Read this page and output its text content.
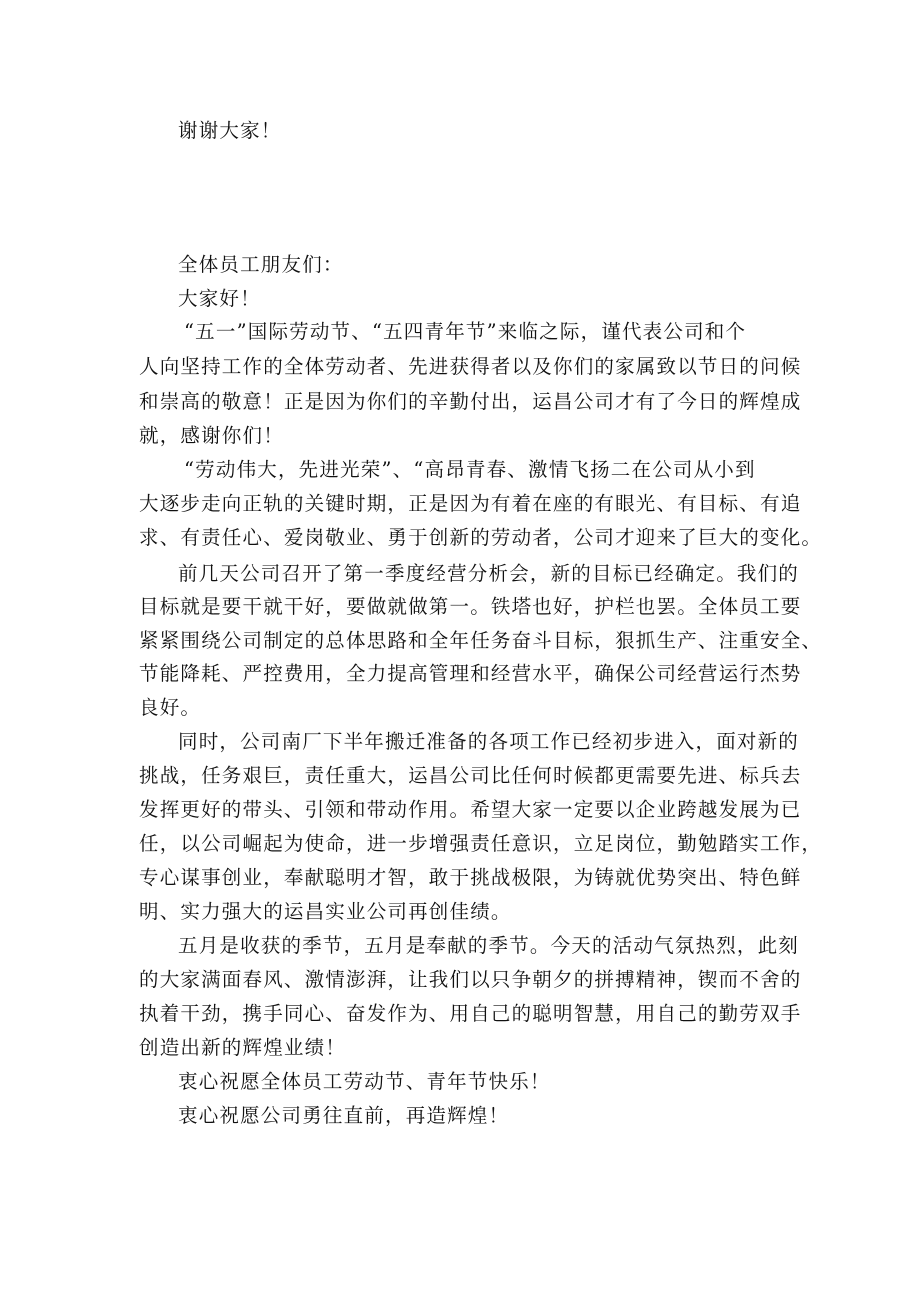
谢谢大家！

全体员工朋友们：

大家好！

“五一”国际劳动节、“五四青年节”来临之际，谨代表公司和个

人向坚持工作的全体劳动者、先进获得者以及你们的家属致以节日的问候

和崇高的敬意！正是因为你们的辛勤付出，运昌公司才有了今日的辉煌成

就，感谢你们！

“劳动伟大，先进光荣”、“高昂青春、激情飞扬二在公司从小到

大逐步走向正轨的关键时期，正是因为有着在座的有眼光、有目标、有追

求、有责任心、爱岗敬业、勇于创新的劳动者，公司才迎来了巨大的变化。

前几天公司召开了第一季度经营分析会，新的目标已经确定。我们的

目标就是要干就干好，要做就做第一。铁塔也好，护栏也罢。全体员工要

紧紧围绕公司制定的总体思路和全年任务奋斗目标，狠抓生产、注重安全、

节能降耗、严控费用，全力提高管理和经营水平，确保公司经营运行杰势

良好。

同时，公司南厂下半年搬迁准备的各项工作已经初步进入，面对新的

挑战，任务艰巨，责任重大，运昌公司比任何时候都更需要先进、标兵去

发挥更好的带头、引领和带动作用。希望大家一定要以企业跨越发展为已

任，以公司崛起为使命，进一步增强责任意识，立足岗位，勤勉踏实工作，

专心谋事创业，奉献聪明才智，敢于挑战极限，为铸就优势突出、特色鲜

明、实力强大的运昌实业公司再创佳绩。

五月是收获的季节，五月是奉献的季节。今天的活动气氛热烈，此刻

的大家满面春风、激情澎湃，让我们以只争朝夕的拼搏精神，锲而不舍的

执着干劲，携手同心、奋发作为、用自己的聪明智慧，用自己的勤劳双手

创造出新的辉煌业绩！

衷心祝愿全体员工劳动节、青年节快乐！

衷心祝愿公司勇往直前，再造辉煌！
